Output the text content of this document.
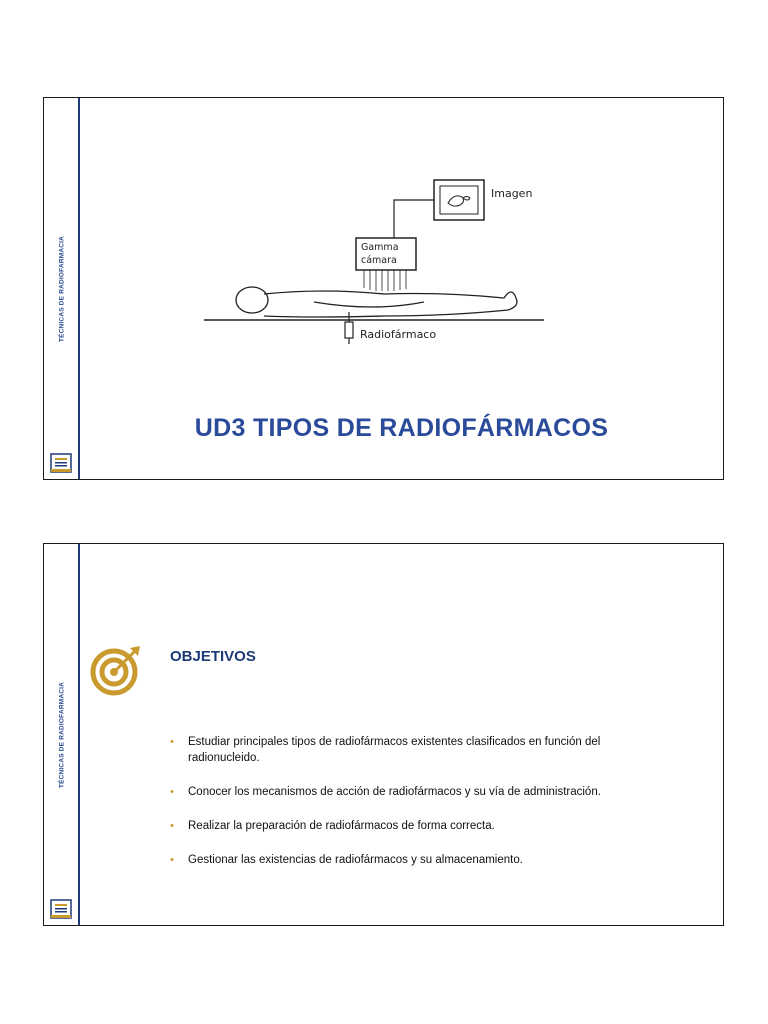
TÉCNICAS DE RADIOFARMACIA
Imagen
Gamma
cámara
Radiofármaco
UD3 TIPOS DE RADIOFÁRMACOS
TÉCNICAS DE RADIOFARMACIA
OBJETIVOS
• Estudiar principales tipos de radiofármacos existentes clasificados en función del radionucleido.
• Conocer los mecanismos de acción de radiofármacos y su vía de administración.
• Realizar la preparación de radiofármacos de forma correcta.
• Gestionar las existencias de radiofármacos y su almacenamiento.
